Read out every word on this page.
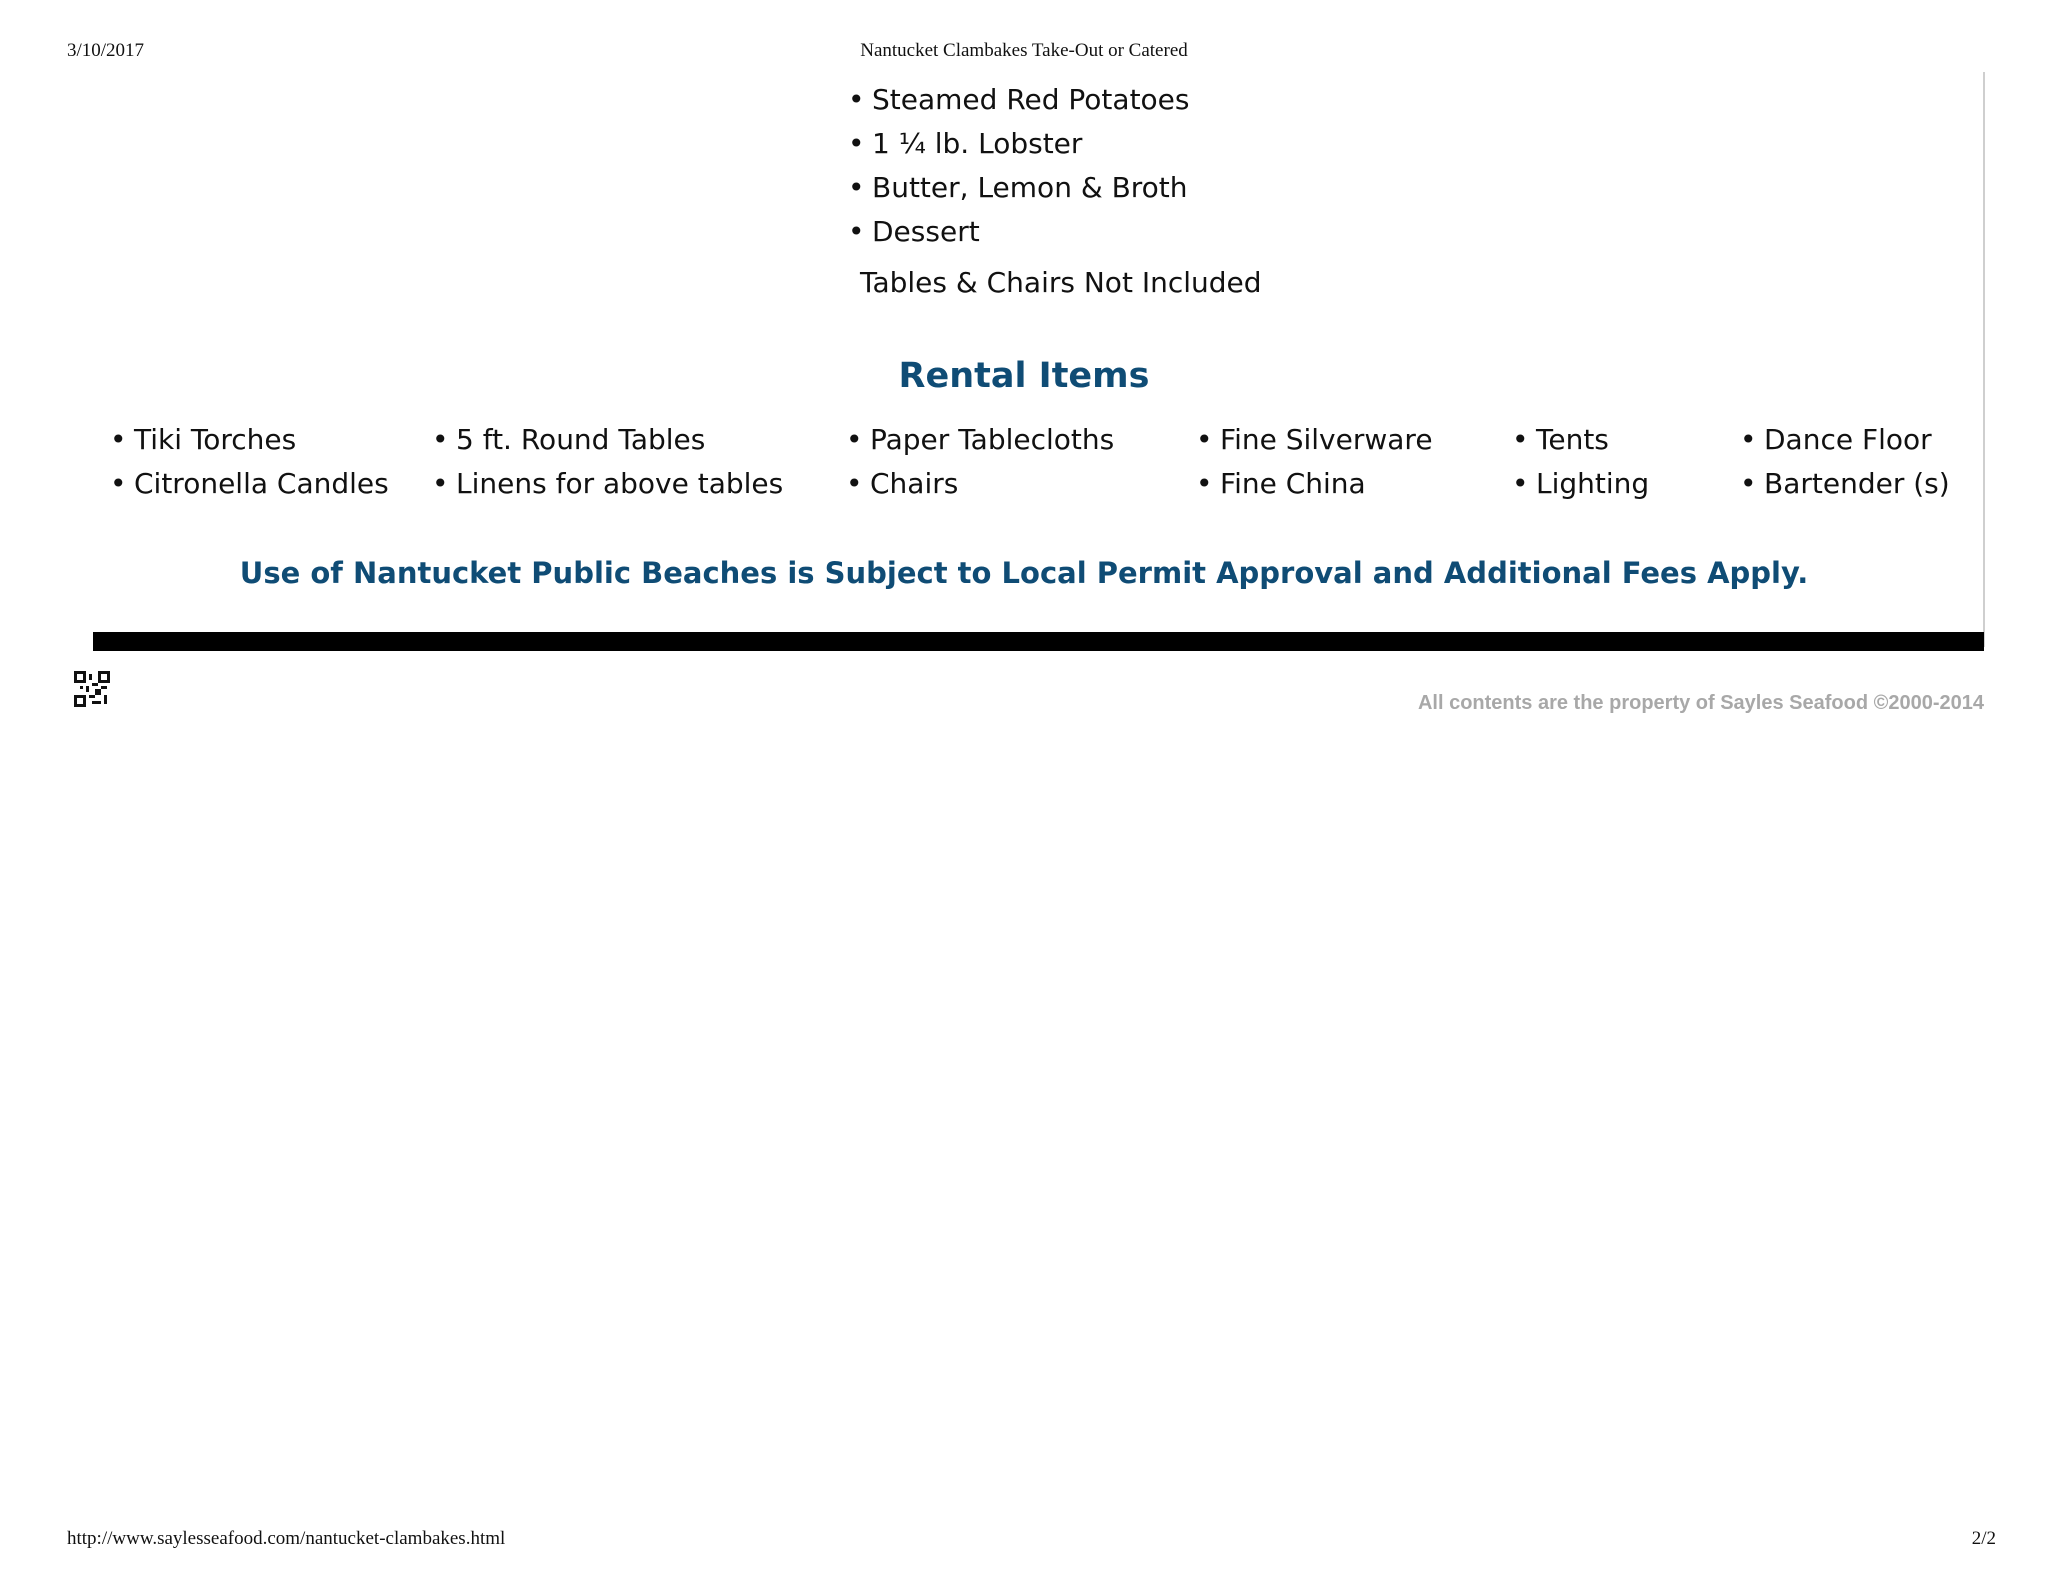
3/10/2017	Nantucket Clambakes Take-Out or Catered
• Steamed Red Potatoes
• 1 ¼ lb. Lobster
• Butter, Lemon & Broth
• Dessert
Tables & Chairs Not Included
Rental Items
• Tiki Torches
• Citronella Candles
• 5 ft. Round Tables
• Linens for above tables
• Paper Tablecloths
• Chairs
• Fine Silverware
• Fine China
• Tents
• Lighting
• Dance Floor
• Bartender (s)
Use of Nantucket Public Beaches is Subject to Local Permit Approval and Additional Fees Apply.
All contents are the property of Sayles Seafood ©2000-2014
http://www.saylesseafood.com/nantucket-clambakes.html	2/2
